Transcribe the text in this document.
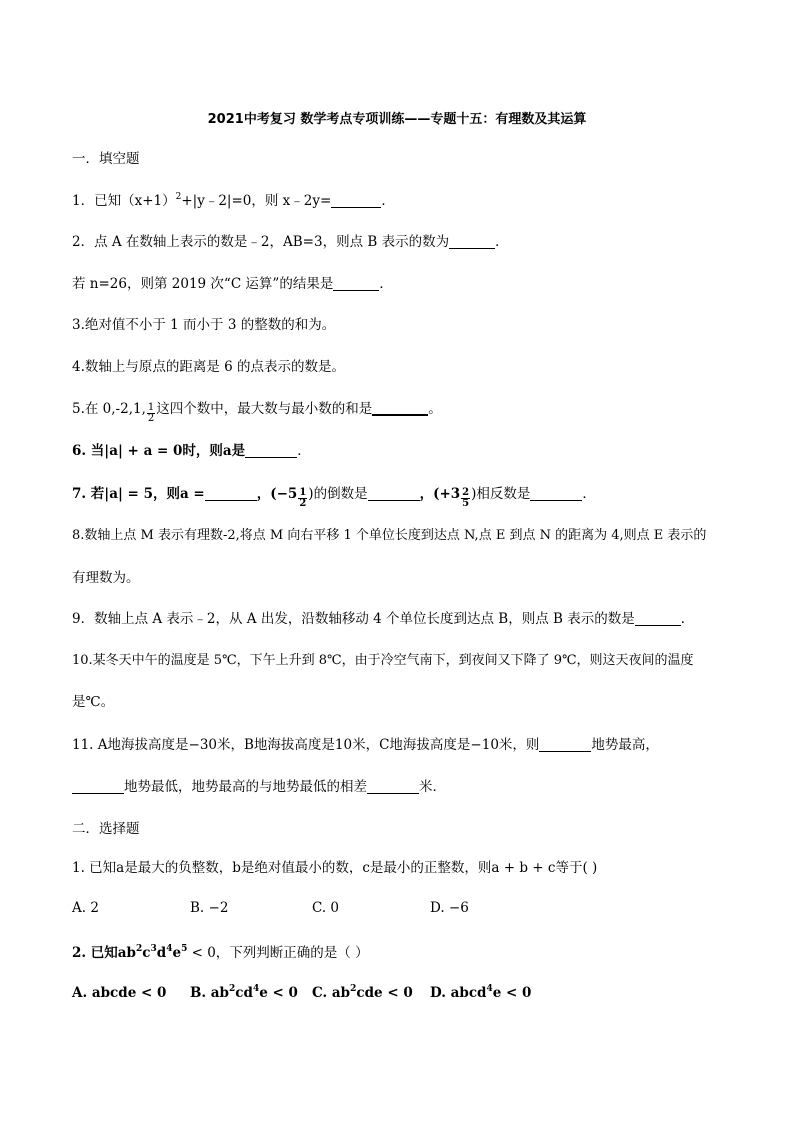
2021中考复习 数学考点专项训练——专题十五：有理数及其运算
一．填空题
1．已知$(x+1)^2+|y﹣2|=0$，则 x﹣2y=	．
2．点 A 在数轴上表示的数是﹣2，AB=3，则点 B 表示的数为	．
若 n=26，则第 2019 次“C 运算”的结果是	．
3.绝对值不小于 1 而小于 3 的整数的和为。
4.数轴上与原点的距离是 6 的点表示的数是。
5.在 0,-2,1, $\frac{1}{2}$ 这四个数中，最大数与最小数的和是	。
6. 当|a| + a = 0时，则a是	．
7. 若|a| = 5，则a =	，($-5 \frac{1}{2}$ )的倒数是	，($+3 \frac{2}{5}$ )相反数是	．
8.数轴上点 M 表示有理数-2,将点 M 向右平移 1 个单位长度到达点 N,点 E 到点 N 的距离为 4,则点 E 表示的
有理数为。
9．数轴上点 A 表示﹣2，从 A 出发，沿数轴移动 4 个单位长度到达点 B，则点 B 表示的数是	．
10.某冬天中午的温度是 5℃，下午上升到 8℃，由于冷空气南下，到夜间又下降了 9℃，则这天夜间的温度
是℃。
11. A地海拔高度是−30米，B地海拔高度是10米，C地海拔高度是−10米，则	地势最高，
地势最低，地势最高的与地势最低的相差	米．
二．选择题
1. 已知a是最大的负整数，b是绝对值最小的数，c是最小的正整数，则a + b + c等于( )
A. 2	B. −2	C. 0	D. −6
2. 已知$ab^2c^3d^4e^5 < 0$，下列判断正确的是（ ）
A. abcde < 0 B. $ab^2cd^4e < 0$ C. $ab^2cde < 0$ D. abcd$^4$e < 0
